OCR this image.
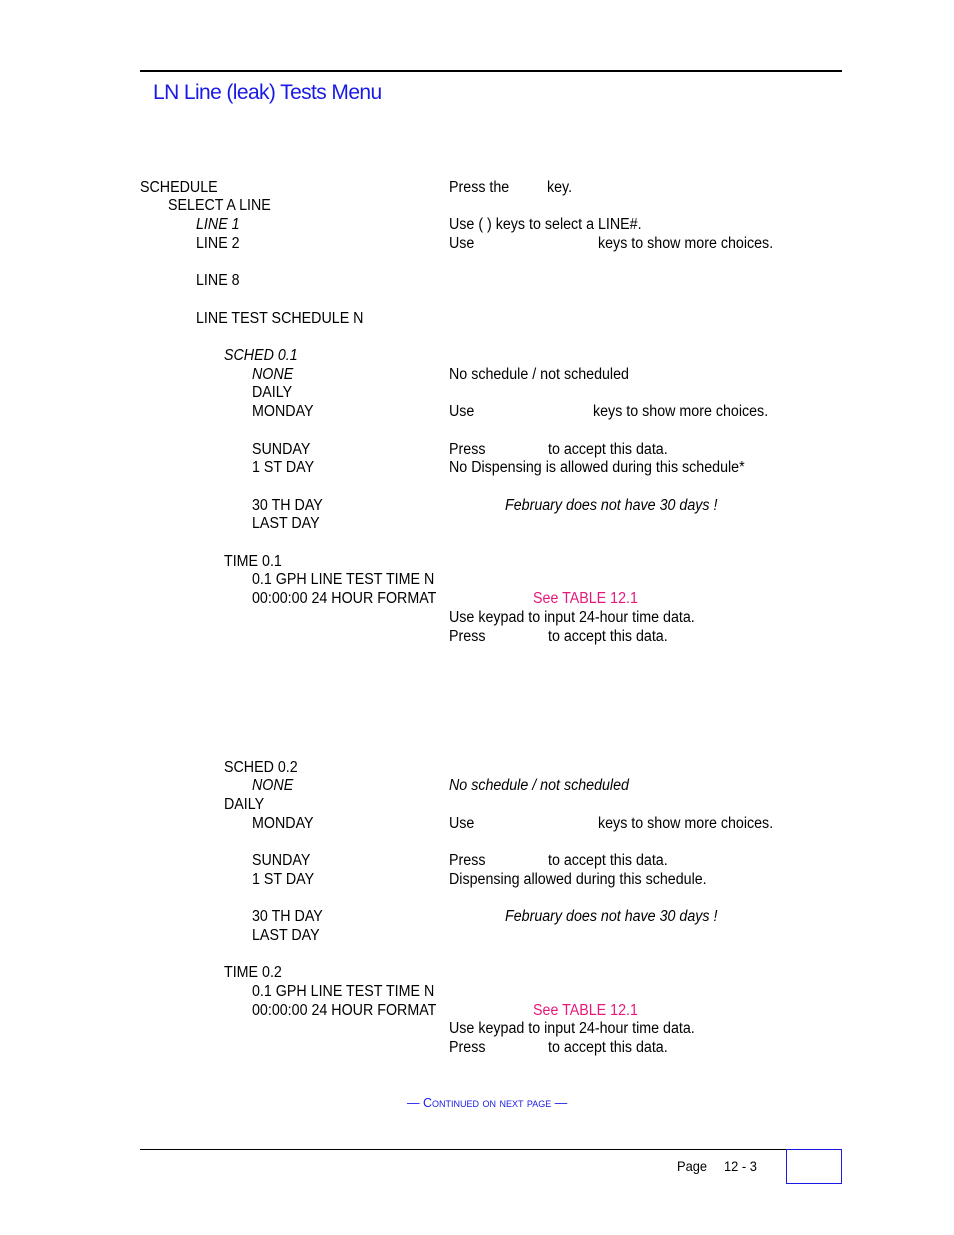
LN Line (leak) Tests Menu
SCHEDULE	Press the key.
SELECT A LINE
LINE 1	Use ( ) keys to select a LINE#.
LINE 2	Use	keys to show more choices.
LINE 8
LINE TEST SCHEDULE N
SCHED 0.1
NONE	No schedule / not scheduled
DAILY
MONDAY	Use	keys to show more choices.
SUNDAY	Press	to accept this data.
1 ST DAY	No Dispensing is allowed during this schedule*
30 TH DAY	February does not have 30 days !
LAST DAY
TIME 0.1
0.1 GPH LINE TEST TIME N
00:00:00 24 HOUR FORMAT	See TABLE 12.1
Use keypad to input 24-hour time data.
Press	to accept this data.
SCHED 0.2
NONE	No schedule / not scheduled
DAILY
MONDAY	Use	keys to show more choices.
SUNDAY	Press	to accept this data.
1 ST DAY	Dispensing allowed during this schedule.
30 TH DAY	February does not have 30 days !
LAST DAY
TIME 0.2
0.1 GPH LINE TEST TIME N
00:00:00 24 HOUR FORMAT	See TABLE 12.1
Use keypad to input 24-hour time data.
Press	to accept this data.
— Continued on next page —
Page 12 - 3
